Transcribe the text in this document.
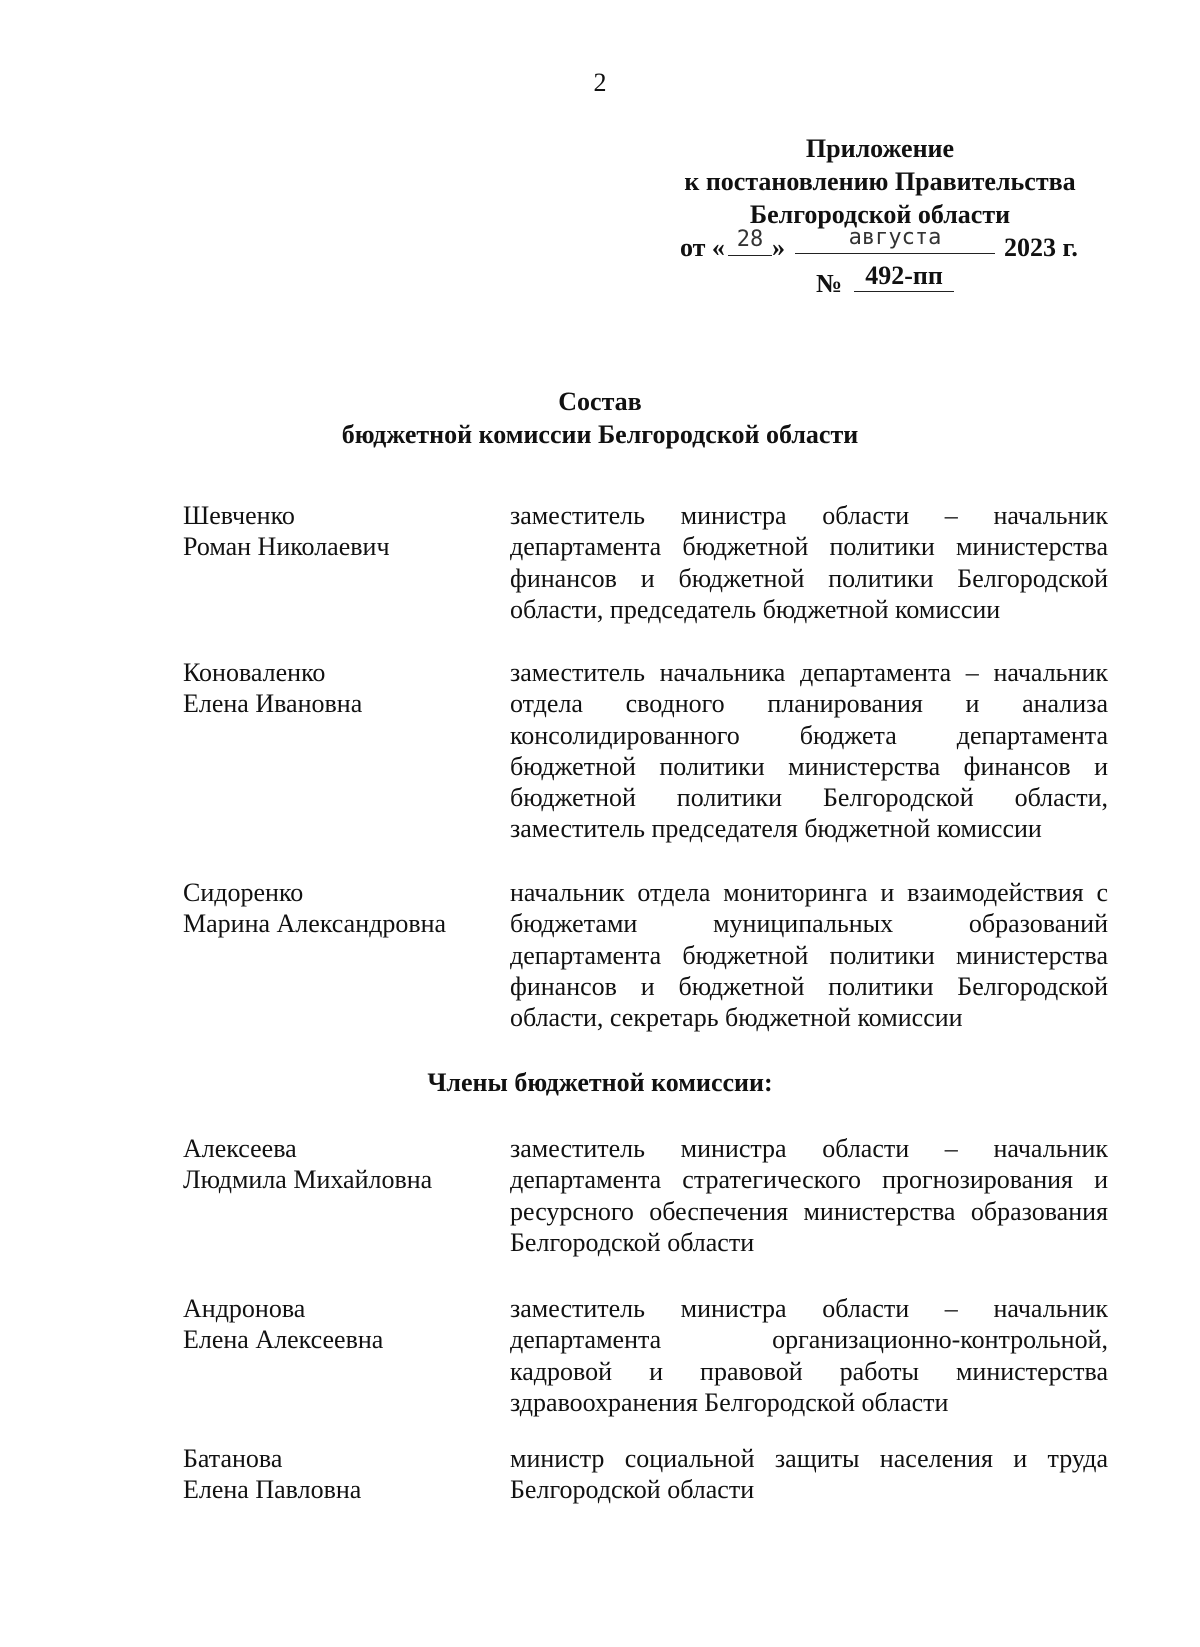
2
Приложение
к постановлению Правительства
Белгородской области
от « 28 »	августа	2023 г.
№ 492-пп
Состав
бюджетной комиссии Белгородской области
Шевченко
Роман Николаевич
заместитель министра области – начальник департамента бюджетной политики министерства финансов и бюджетной политики Белгородской области, председатель бюджетной комиссии
Коноваленко
Елена Ивановна
заместитель начальника департамента – начальник отдела сводного планирования и анализа консолидированного бюджета департамента бюджетной политики министерства финансов и бюджетной политики Белгородской области, заместитель председателя бюджетной комиссии
Сидоренко
Марина Александровна
начальник отдела мониторинга и взаимодействия с бюджетами муниципальных образований департамента бюджетной политики министерства финансов и бюджетной политики Белгородской области, секретарь бюджетной комиссии
Члены бюджетной комиссии:
Алексеева
Людмила Михайловна
заместитель министра области – начальник департамента стратегического прогнозирования и ресурсного обеспечения министерства образования Белгородской области
Андронова
Елена Алексеевна
заместитель министра области – начальник департамента организационно-контрольной, кадровой и правовой работы министерства здравоохранения Белгородской области
Батанова
Елена Павловна
министр социальной защиты населения и труда Белгородской области
